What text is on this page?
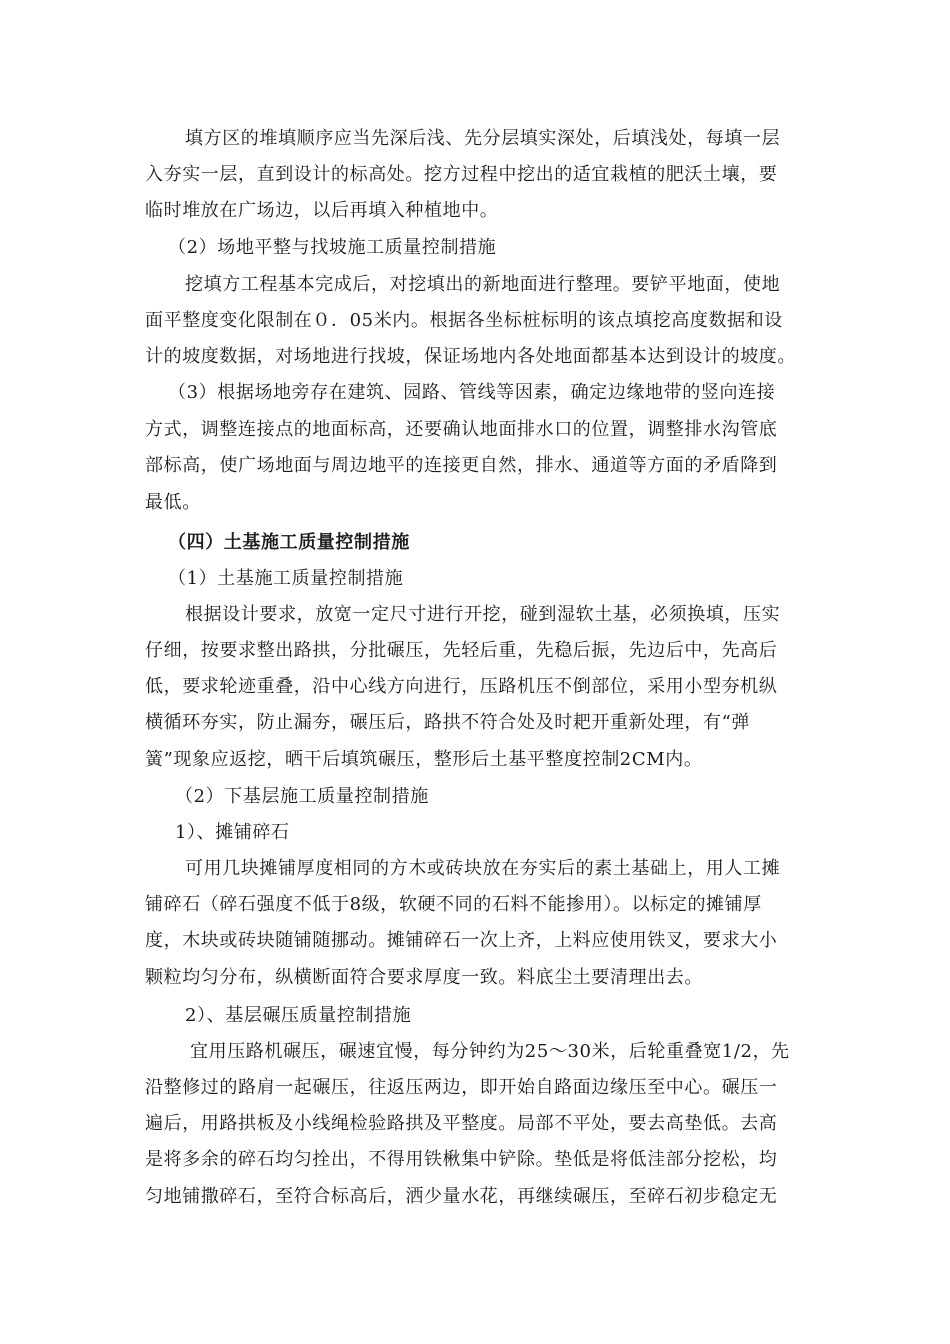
填方区的堆填顺序应当先深后浅、先分层填实深处，后填浅处，每填一层
入夯实一层，直到设计的标高处。挖方过程中挖出的适宜栽植的肥沃土壤，要
临时堆放在广场边，以后再填入种植地中。
（2）场地平整与找坡施工质量控制措施
挖填方工程基本完成后，对挖填出的新地面进行整理。要铲平地面，使地
面平整度变化限制在０．05米内。根据各坐标桩标明的该点填挖高度数据和设
计的坡度数据，对场地进行找坡，保证场地内各处地面都基本达到设计的坡度。
（3）根据场地旁存在建筑、园路、管线等因素，确定边缘地带的竖向连接
方式，调整连接点的地面标高，还要确认地面排水口的位置，调整排水沟管底
部标高，使广场地面与周边地平的连接更自然，排水、通道等方面的矛盾降到
最低。
（四）土基施工质量控制措施
（1）土基施工质量控制措施
根据设计要求，放宽一定尺寸进行开挖，碰到湿软土基，必须换填，压实
仔细，按要求整出路拱，分批碾压，先轻后重，先稳后振，先边后中，先高后
低，要求轮迹重叠，沿中心线方向进行，压路机压不倒部位，采用小型夯机纵
横循环夯实，防止漏夯，碾压后，路拱不符合处及时耙开重新处理，有“弹
簧”现象应返挖，晒干后填筑碾压，整形后土基平整度控制2CM内。
（2）下基层施工质量控制措施
1）、摊铺碎石
可用几块摊铺厚度相同的方木或砖块放在夯实后的素土基础上，用人工摊
铺碎石（碎石强度不低于8级，软硬不同的石料不能掺用）。以标定的摊铺厚
度，木块或砖块随铺随挪动。摊铺碎石一次上齐，上料应使用铁叉，要求大小
颗粒均匀分布，纵横断面符合要求厚度一致。料底尘土要清理出去。
2）、基层碾压质量控制措施
宜用压路机碾压，碾速宜慢，每分钟约为25～30米，后轮重叠宽1/2，先
沿整修过的路肩一起碾压，往返压两边，即开始自路面边缘压至中心。碾压一
遍后，用路拱板及小线绳检验路拱及平整度。局部不平处，要去高垫低。去高
是将多余的碎石均匀拴出，不得用铁楸集中铲除。垫低是将低洼部分挖松，均
匀地铺撒碎石，至符合标高后，洒少量水花，再继续碾压，至碎石初步稳定无
